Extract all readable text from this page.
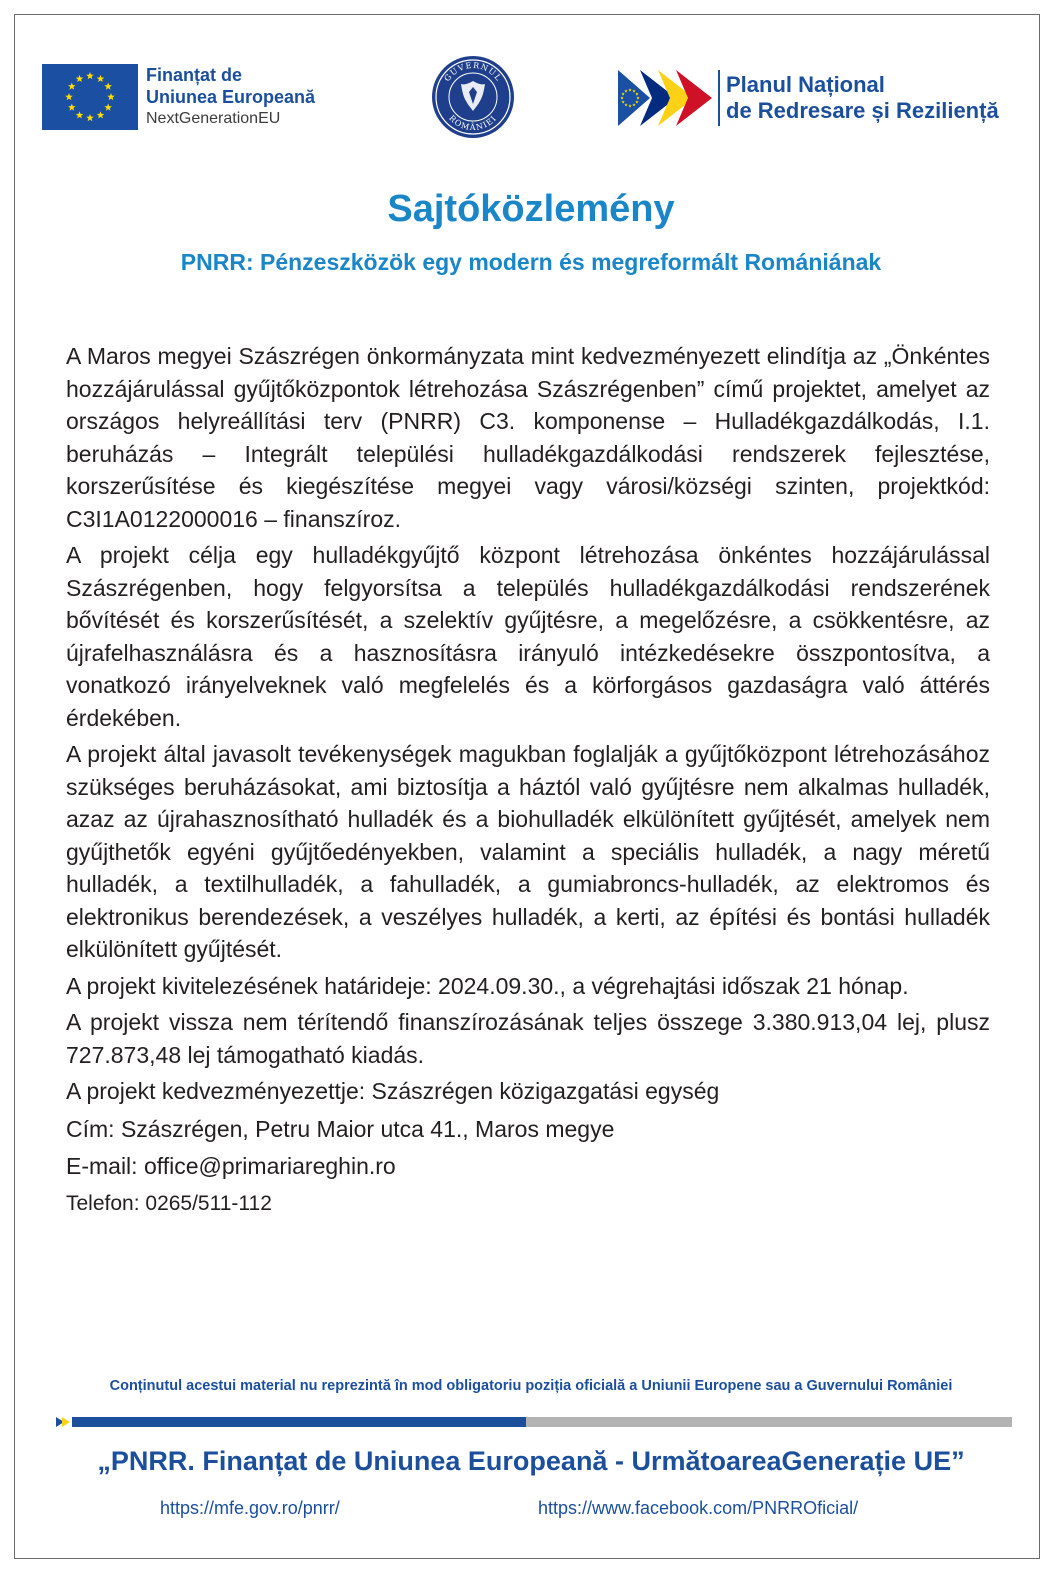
Finanțat de
Uniunea Europeană
NextGenerationEU
GUVERNUL
ROMÂNIEI
Planul Național
de Redresare și Reziliență
Sajtóközlemény
PNRR: Pénzeszközök egy modern és megreformált Romániának

A Maros megyei Szászrégen önkormányzata mint kedvezményezett elindítja az „Önkéntes hozzájárulással gyűjtőközpontok létrehozása Szászrégenben” című projektet, amelyet az országos helyreállítási terv (PNRR) C3. komponense – Hulladékgazdálkodás, I.1. beruházás – Integrált települési hulladékgazdálkodási rendszerek fejlesztése, korszerűsítése és kiegészítése megyei vagy városi/községi szinten, projektkód: C3I1A0122000016 – finanszíroz.

A projekt célja egy hulladékgyűjtő központ létrehozása önkéntes hozzájárulással Szászrégenben, hogy felgyorsítsa a település hulladékgazdálkodási rendszerének bővítését és korszerűsítését, a szelektív gyűjtésre, a megelőzésre, a csökkentésre, az újrafelhasználásra és a hasznosításra irányuló intézkedésekre összpontosítva, a vonatkozó irányelveknek való megfelelés és a körforgásos gazdaságra való áttérés érdekében.

A projekt által javasolt tevékenységek magukban foglalják a gyűjtőközpont létrehozásához szükséges beruházásokat, ami biztosítja a háztól való gyűjtésre nem alkalmas hulladék, azaz az újrahasznosítható hulladék és a biohulladék elkülönített gyűjtését, amelyek nem gyűjthetők egyéni gyűjtőedényekben, valamint a speciális hulladék, a nagy méretű hulladék, a textilhulladék, a fahulladék, a gumiabroncs-hulladék, az elektromos és elektronikus berendezések, a veszélyes hulladék, a kerti, az építési és bontási hulladék elkülönített gyűjtését.

A projekt kivitelezésének határideje: 2024.09.30., a végrehajtási időszak 21 hónap.

A projekt vissza nem térítendő finanszírozásának teljes összege 3.380.913,04 lej, plusz 727.873,48 lej támogatható kiadás.

A projekt kedvezményezettje: Szászrégen közigazgatási egység

Cím: Szászrégen, Petru Maior utca 41., Maros megye

E-mail: office@primariareghin.ro

Telefon: 0265/511-112

Conținutul acestui material nu reprezintă în mod obligatoriu poziția oficială a Uniunii Europene sau a Guvernului României
„PNRR. Finanțat de Uniunea Europeană - UrmătoareaGenerație UE”
https://mfe.gov.ro/pnrr/	https://www.facebook.com/PNRROficial/
